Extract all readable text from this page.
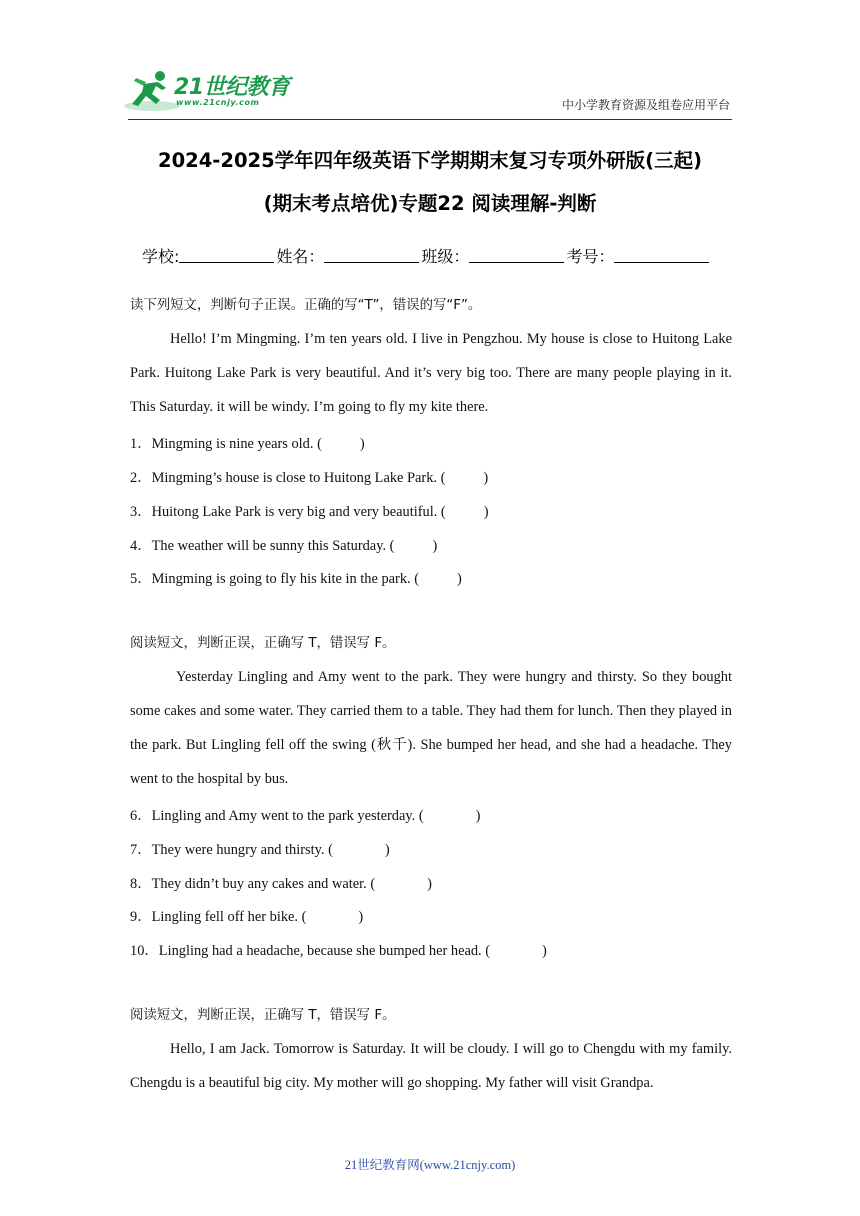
21世纪教育
www.21cnjy.com	中小学教育资源及组卷应用平台
2024-2025学年四年级英语下学期期末复习专项外研版(三起)
(期末考点培优)专题22 阅读理解-判断
学校:	姓名：	班级：	考号：
读下列短文，判断句子正误。正确的写“T”，错误的写“F”。
Hello! I’m Mingming. I’m ten years old. I live in Pengzhou. My house is close to Huitong Lake Park. Huitong Lake Park is very beautiful. And it’s very big too. There are many people playing in it. This Saturday. it will be windy. I’m going to fly my kite there.
1．Mingming is nine years old. (	)
2．Mingming’s house is close to Huitong Lake Park. (	)
3．Huitong Lake Park is very big and very beautiful. (	)
4．The weather will be sunny this Saturday. (	)
5．Mingming is going to fly his kite in the park. (	)
阅读短文，判断正误，正确写 T，错误写 F。
Yesterday Lingling and Amy went to the park. They were hungry and thirsty. So they bought some cakes and some water. They carried them to a table. They had them for lunch. Then they played in the park. But Lingling fell off the swing (秋千). She bumped her head, and she had a headache. They went to the hospital by bus.
6．Lingling and Amy went to the park yesterday. (	)
7．They were hungry and thirsty. (	)
8．They didn’t buy any cakes and water. (	)
9．Lingling fell off her bike. (	)
10．Lingling had a headache, because she bumped her head. (	)
阅读短文，判断正误，正确写 T，错误写 F。
Hello, I am Jack. Tomorrow is Saturday. It will be cloudy. I will go to Chengdu with my family. Chengdu is a beautiful big city. My mother will go shopping. My father will visit Grandpa.
21世纪教育网(www.21cnjy.com)
